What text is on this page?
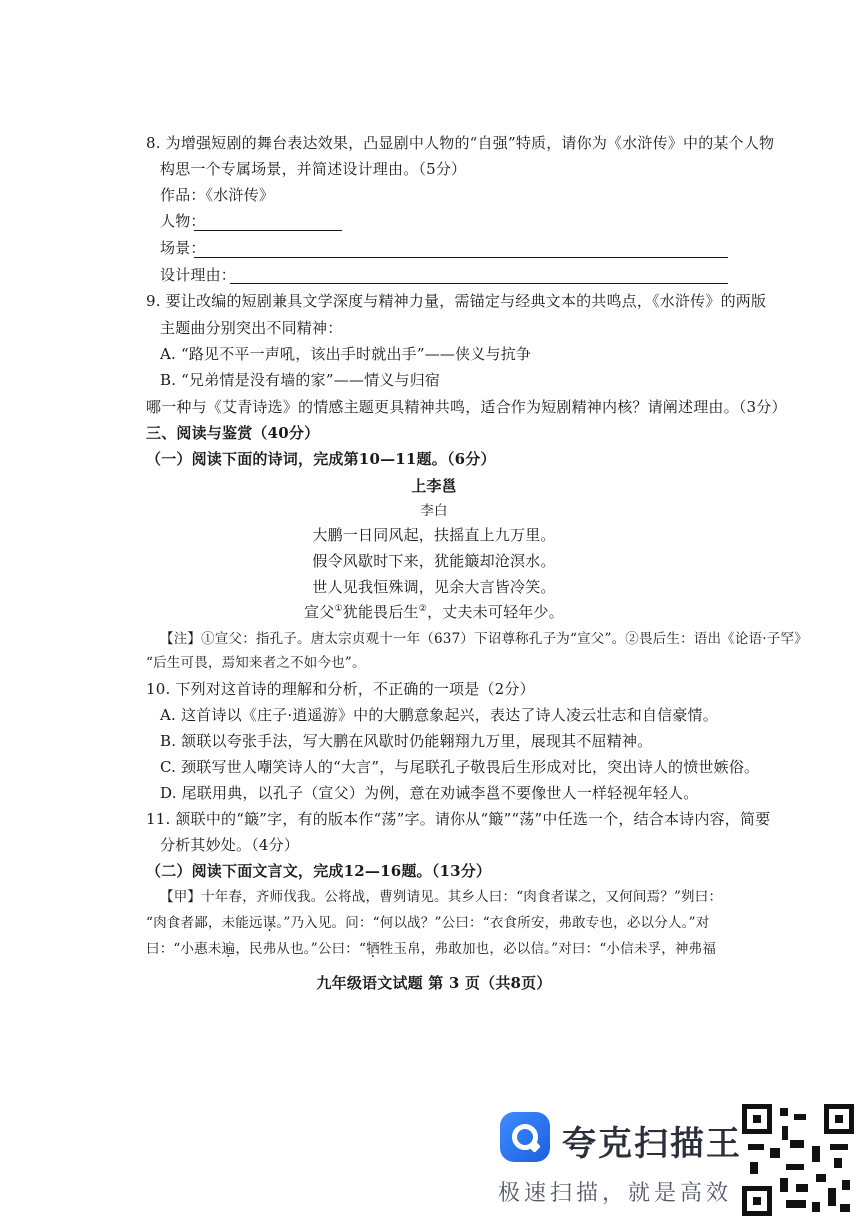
8. 为增强短剧的舞台表达效果，凸显剧中人物的“自强”特质，请你为《水浒传》中的某个人物
构思一个专属场景，并简述设计理由。（5分）
作品：《水浒传》
人物：
场景：
设计理由：
9. 要让改编的短剧兼具文学深度与精神力量，需锚定与经典文本的共鸣点，《水浒传》的两版
主题曲分别突出不同精神：
A. “路见不平一声吼，该出手时就出手”——侠义与抗争
B. “兄弟情是没有墙的家”——情义与归宿
哪一种与《艾青诗选》的情感主题更具精神共鸣，适合作为短剧精神内核？请阐述理由。（3分）
三、阅读与鉴赏（40分）
（一）阅读下面的诗词，完成第10—11题。（6分）
上李邕
李白
大鹏一日同风起，扶摇直上九万里。
假令风歇时下来，犹能簸却沧溟水。
世人见我恒殊调，见余大言皆冷笑。
宣父①犹能畏后生②，丈夫未可轻年少。
【注】①宣父：指孔子。唐太宗贞观十一年（637）下诏尊称孔子为“宣父”。②畏后生：语出《论语·子罕》
“后生可畏，焉知来者之不如今也”。
10. 下列对这首诗的理解和分析，不正确的一项是（2分）
A. 这首诗以《庄子·逍遥游》中的大鹏意象起兴，表达了诗人凌云壮志和自信豪情。
B. 颔联以夸张手法，写大鹏在风歇时仍能翱翔九万里，展现其不屈精神。
C. 颈联写世人嘲笑诗人的“大言”，与尾联孔子敬畏后生形成对比，突出诗人的愤世嫉俗。
D. 尾联用典，以孔子（宣父）为例，意在劝诫李邕不要像世人一样轻视年轻人。
11. 颔联中的“簸”字，有的版本作“荡”字。请你从“簸”“荡”中任选一个，结合本诗内容，简要
分析其妙处。（4分）
（二）阅读下面文言文，完成12—16题。（13分）
【甲】十年春，齐师伐我。公将战，曹刿请见。其乡人曰：“肉食者谋之，又何间焉？”刿曰：
“肉食者鄙，未能远谋。”乃入见。问：“何以战？”公曰：“衣食所安，弗敢专也，必以分人。”对
曰：“小惠未遍，民弗从也。”公曰：“牺牲玉帛，弗敢加也，必以信。”对曰：“小信未孚，神弗福
九年级语文试题 第 3 页（共8页）
夸克扫描王
极速扫描，就是高效
